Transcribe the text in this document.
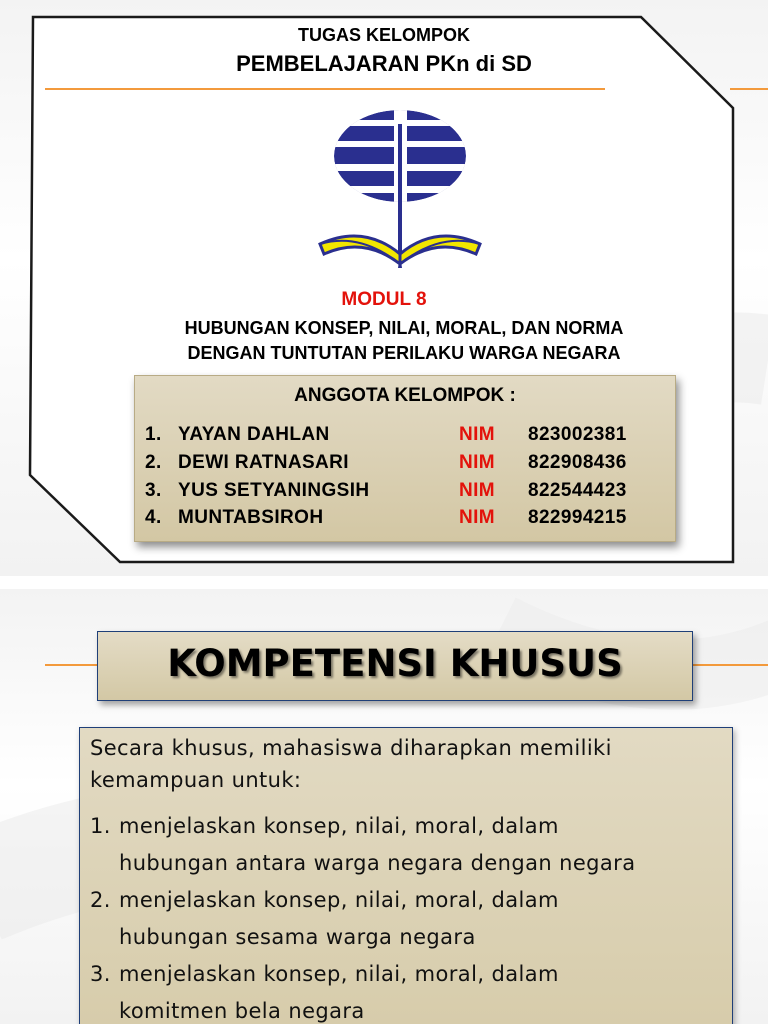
TUGAS KELOMPOK
PEMBELAJARAN PKn di SD
MODUL 8
HUBUNGAN KONSEP, NILAI, MORAL, DAN NORMA
DENGAN TUNTUTAN PERILAKU WARGA NEGARA
ANGGOTA KELOMPOK :
1. YAYAN DAHLAN	NIM 823002381
2. DEWI RATNASARI	NIM 822908436
3. YUS SETYANINGSIH	NIM 822544423
4. MUNTABSIROH	NIM 822994215
KOMPETENSI KHUSUS
Secara khusus, mahasiswa diharapkan memiliki
kemampuan untuk:
1. menjelaskan konsep, nilai, moral, dalam
hubungan antara warga negara dengan negara
2. menjelaskan konsep, nilai, moral, dalam
hubungan sesama warga negara
3. menjelaskan konsep, nilai, moral, dalam
komitmen bela negara
